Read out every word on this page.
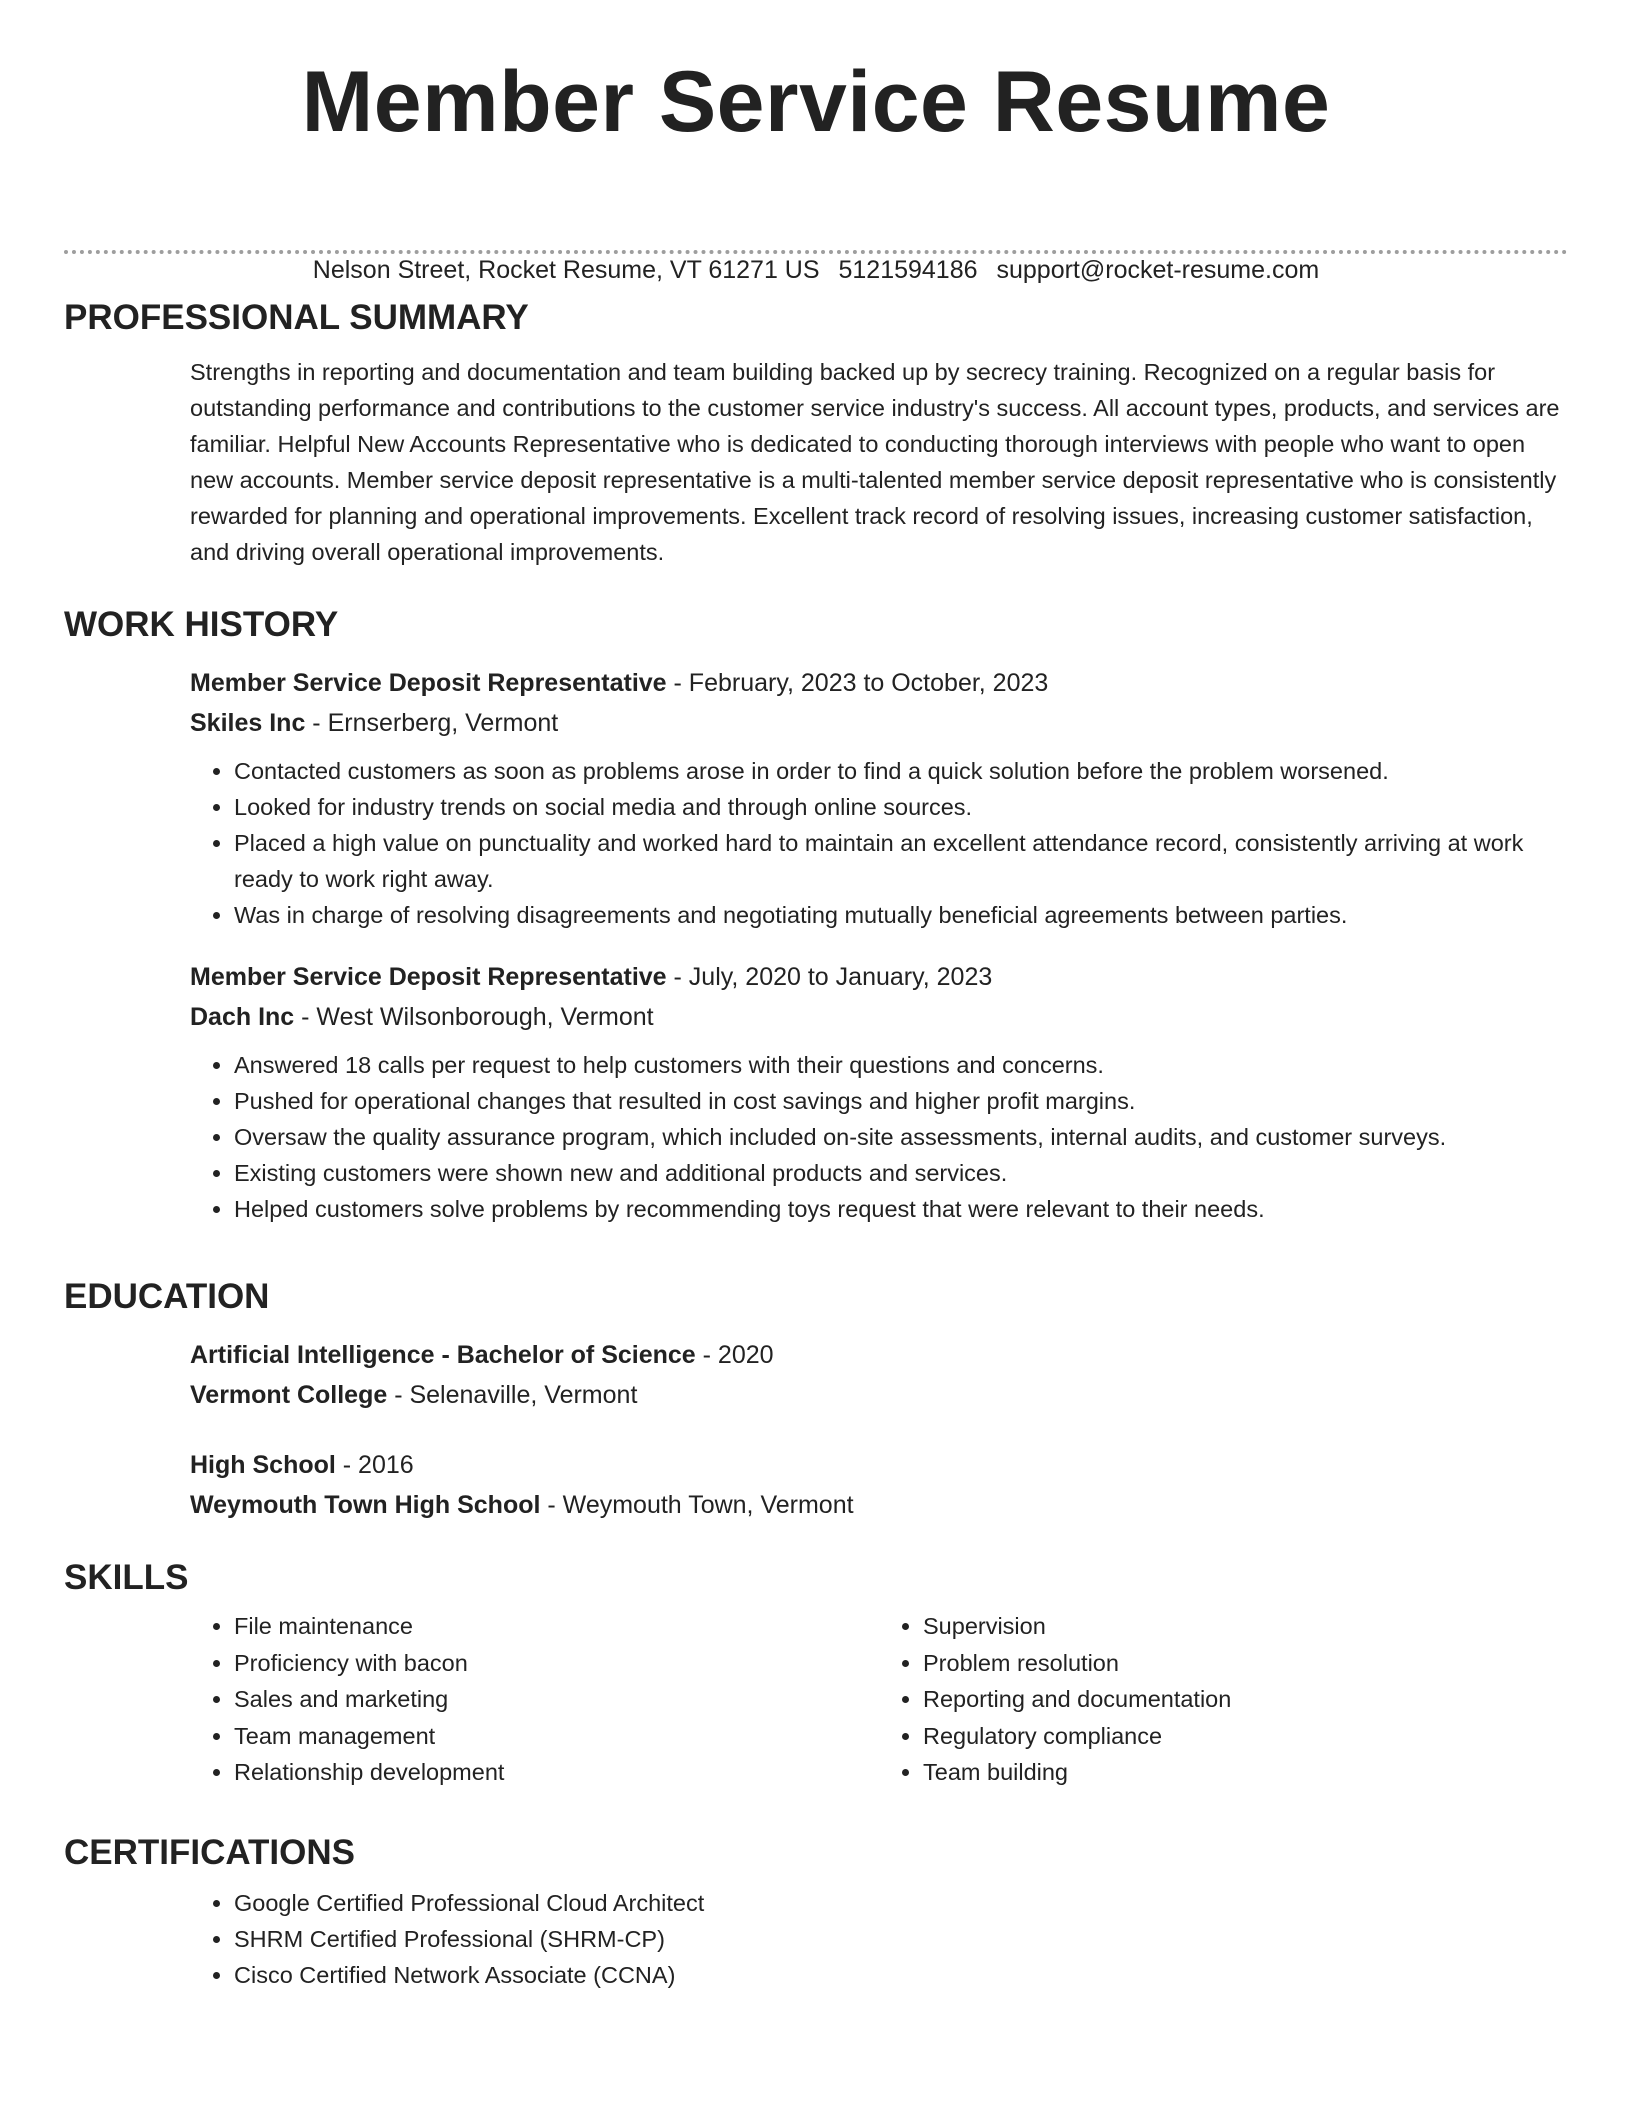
Member Service Resume
Nelson Street, Rocket Resume, VT 61271 US 5121594186 support@rocket-resume.com
PROFESSIONAL SUMMARY
Strengths in reporting and documentation and team building backed up by secrecy training. Recognized on a regular basis for outstanding performance and contributions to the customer service industry's success. All account types, products, and services are familiar. Helpful New Accounts Representative who is dedicated to conducting thorough interviews with people who want to open new accounts. Member service deposit representative is a multi-talented member service deposit representative who is consistently rewarded for planning and operational improvements. Excellent track record of resolving issues, increasing customer satisfaction, and driving overall operational improvements.
WORK HISTORY
Member Service Deposit Representative - February, 2023 to October, 2023
Skiles Inc - Ernserberg, Vermont
• Contacted customers as soon as problems arose in order to find a quick solution before the problem worsened.
• Looked for industry trends on social media and through online sources.
• Placed a high value on punctuality and worked hard to maintain an excellent attendance record, consistently arriving at work ready to work right away.
• Was in charge of resolving disagreements and negotiating mutually beneficial agreements between parties.
Member Service Deposit Representative - July, 2020 to January, 2023
Dach Inc - West Wilsonborough, Vermont
• Answered 18 calls per request to help customers with their questions and concerns.
• Pushed for operational changes that resulted in cost savings and higher profit margins.
• Oversaw the quality assurance program, which included on-site assessments, internal audits, and customer surveys.
• Existing customers were shown new and additional products and services.
• Helped customers solve problems by recommending toys request that were relevant to their needs.
EDUCATION
Artificial Intelligence - Bachelor of Science - 2020
Vermont College - Selenaville, Vermont
High School - 2016
Weymouth Town High School - Weymouth Town, Vermont
SKILLS
• File maintenance
• Proficiency with bacon
• Sales and marketing
• Team management
• Relationship development
• Supervision
• Problem resolution
• Reporting and documentation
• Regulatory compliance
• Team building
CERTIFICATIONS
• Google Certified Professional Cloud Architect
• SHRM Certified Professional (SHRM-CP)
• Cisco Certified Network Associate (CCNA)
